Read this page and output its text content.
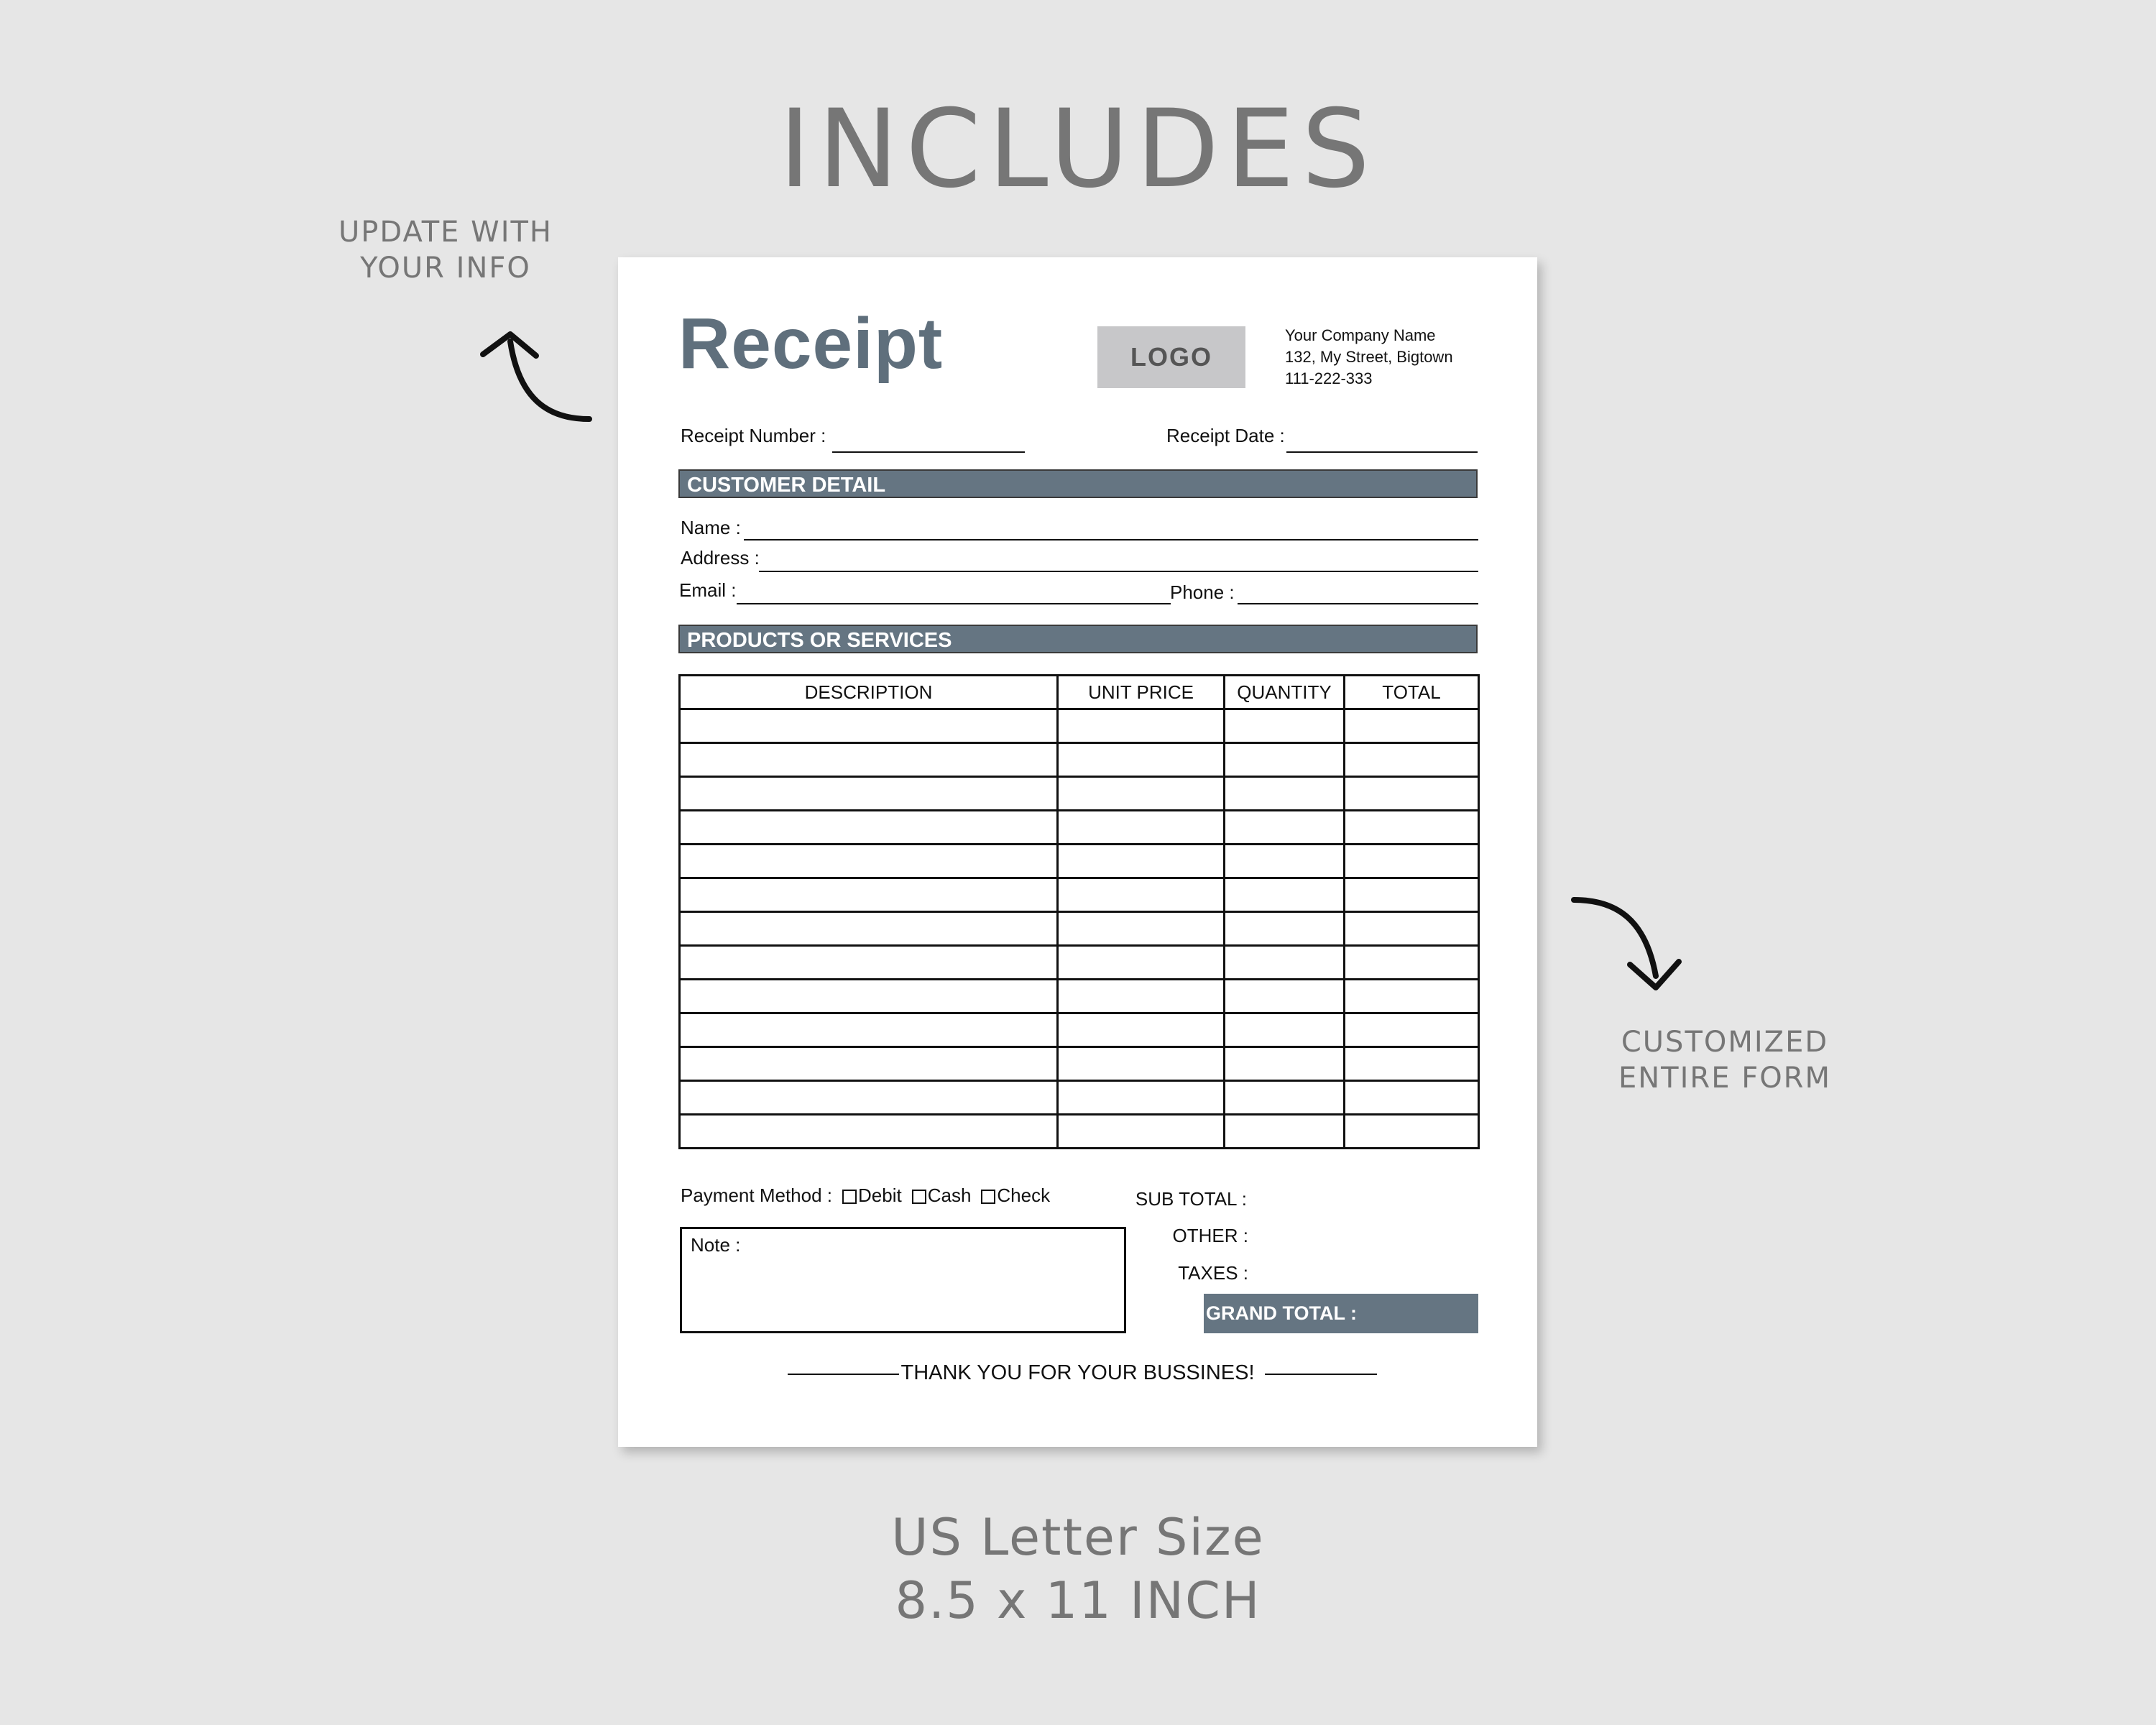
INCLUDES
UPDATE WITH
YOUR INFO
CUSTOMIZED
ENTIRE FORM
Receipt	LOGO
Your Company Name
132, My Street, Bigtown
111-222-333
Receipt Number :	Receipt Date :
CUSTOMER DETAIL
Name :
Address :
Email :	Phone :
PRODUCTS OR SERVICES
DESCRIPTION	UNIT PRICE	QUANTITY	TOTAL

Payment Method : Debit Cash Check
Note :
SUB TOTAL :
OTHER :
TAXES :
GRAND TOTAL :
THANK YOU FOR YOUR BUSSINES!
US Letter Size
8.5 x 11 INCH
